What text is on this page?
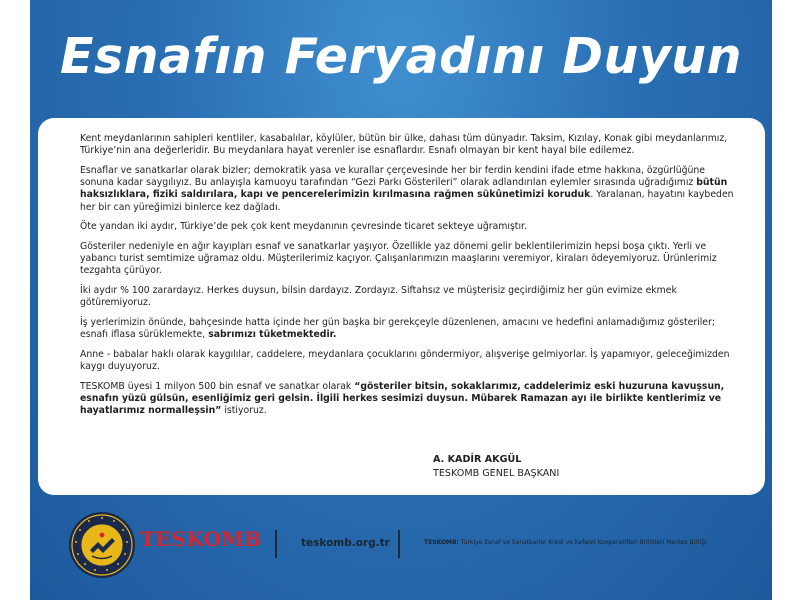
Esnafın Feryadını Duyun

Kent meydanlarının sahipleri kentliler, kasabalılar, köylüler, bütün bir ülke, dahası tüm dünyadır. Taksim, Kızılay, Konak gibi meydanlarımız, Türkiye’nin ana değerleridir. Bu meydanlara hayat verenler ise esnaflardır. Esnafı olmayan bir kent hayal bile edilemez.

Esnaflar ve sanatkarlar olarak bizler; demokratik yasa ve kurallar çerçevesinde her bir ferdin kendini ifade etme hakkına, özgürlüğüne sonuna kadar saygılıyız. Bu anlayışla kamuoyu tarafından “Gezi Parkı Gösterileri” olarak adlandırılan eylemler sırasında uğradığımız bütün haksızlıklara, fiziki saldırılara, kapı ve pencerelerimizin kırılmasına rağmen sükûnetimizi koruduk. Yaralanan, hayatını kaybeden her bir can yüreğimizi binlerce kez dağladı.

Öte yandan iki aydır, Türkiye’de pek çok kent meydanının çevresinde ticaret sekteye uğramıştır.

Gösteriler nedeniyle en ağır kayıpları esnaf ve sanatkarlar yaşıyor. Özellikle yaz dönemi gelir beklentilerimizin hepsi boşa çıktı. Yerli ve yabancı turist semtimize uğramaz oldu. Müşterilerimiz kaçıyor. Çalışanlarımızın maaşlarını veremiyor, kiraları ödeyemiyoruz. Ürünlerimiz tezgahta çürüyor.

İki aydır % 100 zarardayız. Herkes duysun, bilsin dardayız. Zordayız. Siftahsız ve müşterisiz geçirdiğimiz her gün evimize ekmek götüremiyoruz.

İş yerlerimizin önünde, bahçesinde hatta içinde her gün başka bir gerekçeyle düzenlenen, amacını ve hedefini anlamadığımız gösteriler; esnafı iflasa sürüklemekte, sabrımızı tüketmektedir.

Anne - babalar haklı olarak kaygılılar, caddelere, meydanlara çocuklarını göndermiyor, alışverişe gelmiyorlar. İş yapamıyor, geleceğimizden kaygı duyuyoruz.

TESKOMB üyesi 1 milyon 500 bin esnaf ve sanatkar olarak “gösteriler bitsin, sokaklarımız, caddelerimiz eski huzuruna kavuşsun, esnafın yüzü gülsün, esenliğimiz geri gelsin. İlgili herkes sesimizi duysun. Mübarek Ramazan ayı ile birlikte kentlerimiz ve hayatlarımız normalleşsin” istiyoruz.

A. KADİR AKGÜL
TESKOMB GENEL BAŞKANI
TESKOMB	teskomb.org.tr	TESKOMB: Türkiye Esnaf ve Sanatkarlar Kredi ve Kefalet Kooperatifleri Birlikleri Merkez Birliği
